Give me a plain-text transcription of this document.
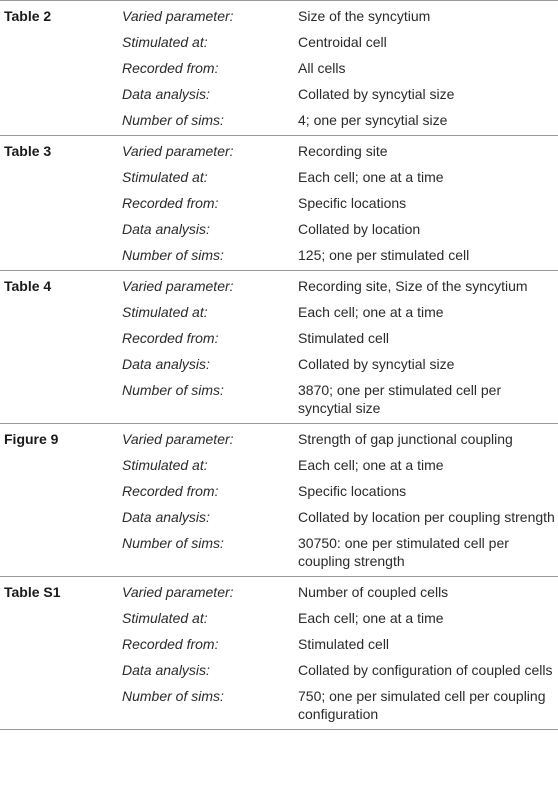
Table 2	Varied parameter:	Size of the syncytium
	Stimulated at:	Centroidal cell
	Recorded from:	All cells
	Data analysis:	Collated by syncytial size
	Number of sims:	4; one per syncytial size
Table 3	Varied parameter:	Recording site
	Stimulated at:	Each cell; one at a time
	Recorded from:	Specific locations
	Data analysis:	Collated by location
	Number of sims:	125; one per stimulated cell
Table 4	Varied parameter:	Recording site, Size of the syncytium
	Stimulated at:	Each cell; one at a time
	Recorded from:	Stimulated cell
	Data analysis:	Collated by syncytial size
	Number of sims:	3870; one per stimulated cell per syncytial size
Figure 9	Varied parameter:	Strength of gap junctional coupling
	Stimulated at:	Each cell; one at a time
	Recorded from:	Specific locations
	Data analysis:	Collated by location per coupling strength
	Number of sims:	30750: one per stimulated cell per coupling strength
Table S1	Varied parameter:	Number of coupled cells
	Stimulated at:	Each cell; one at a time
	Recorded from:	Stimulated cell
	Data analysis:	Collated by configuration of coupled cells
	Number of sims:	750; one per simulated cell per coupling configuration
